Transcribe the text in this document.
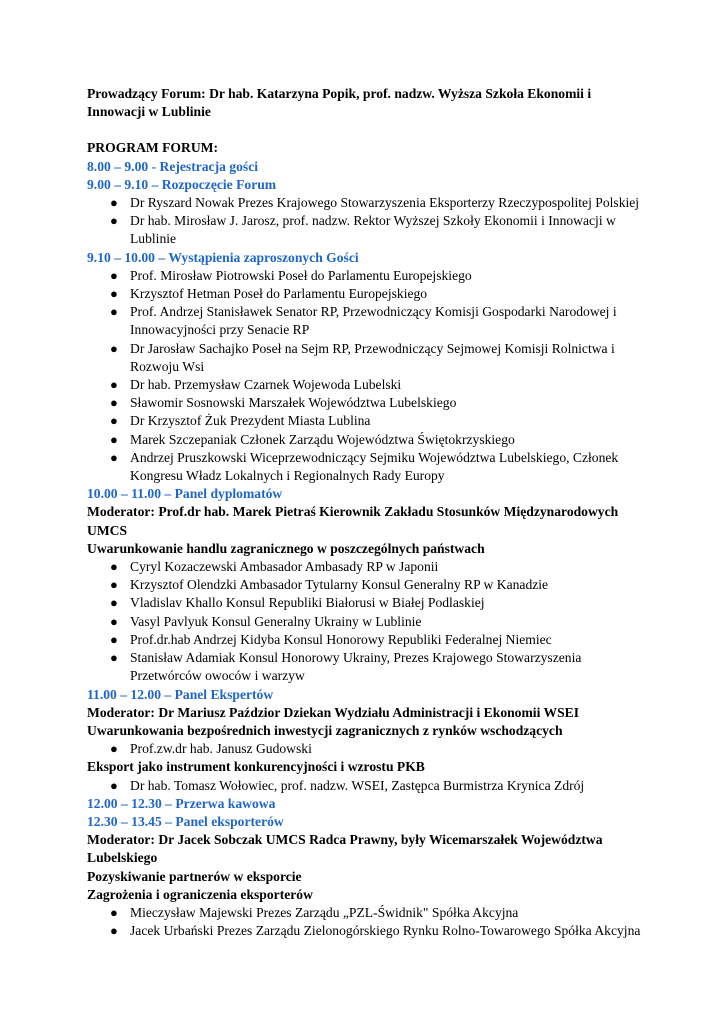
Prowadzący Forum: Dr hab. Katarzyna Popik, prof. nadzw. Wyższa Szkoła Ekonomii i Innowacji w Lublinie

PROGRAM FORUM:

8.00 – 9.00 - Rejestracja gości

9.00 – 9.10 – Rozpoczęcie Forum

● Dr Ryszard Nowak Prezes Krajowego Stowarzyszenia Eksporterzy Rzeczypospolitej Polskiej
● Dr hab. Mirosław J. Jarosz, prof. nadzw. Rektor Wyższej Szkoły Ekonomii i Innowacji w Lublinie

9.10 – 10.00 – Wystąpienia zaproszonych Gości

● Prof. Mirosław Piotrowski Poseł do Parlamentu Europejskiego
● Krzysztof Hetman Poseł do Parlamentu Europejskiego
● Prof. Andrzej Stanisławek Senator RP, Przewodniczący Komisji Gospodarki Narodowej i Innowacyjności przy Senacie RP
● Dr Jarosław Sachajko Poseł na Sejm RP, Przewodniczący Sejmowej Komisji Rolnictwa i Rozwoju Wsi
● Dr hab. Przemysław Czarnek Wojewoda Lubelski
● Sławomir Sosnowski Marszałek Województwa Lubelskiego
● Dr Krzysztof Żuk Prezydent Miasta Lublina
● Marek Szczepaniak Członek Zarządu Województwa Świętokrzyskiego
● Andrzej Pruszkowski Wiceprzewodniczący Sejmiku Województwa Lubelskiego, Członek Kongresu Władz Lokalnych i Regionalnych Rady Europy

10.00 – 11.00 – Panel dyplomatów

Moderator: Prof.dr hab. Marek Pietraś Kierownik Zakładu Stosunków Międzynarodowych UMCS

Uwarunkowanie handlu zagranicznego w poszczególnych państwach

● Cyryl Kozaczewski Ambasador Ambasady RP w Japonii
● Krzysztof Olendzki Ambasador Tytularny Konsul Generalny RP w Kanadzie
● Vladislav Khallo Konsul Republiki Białorusi w Białej Podlaskiej
● Vasyl Pavlyuk Konsul Generalny Ukrainy w Lublinie
● Prof.dr.hab Andrzej Kidyba Konsul Honorowy Republiki Federalnej Niemiec
● Stanisław Adamiak Konsul Honorowy Ukrainy, Prezes Krajowego Stowarzyszenia Przetwórców owoców i warzyw

11.00 – 12.00 – Panel Ekspertów

Moderator: Dr Mariusz Paździor Dziekan Wydziału Administracji i Ekonomii WSEI

Uwarunkowania bezpośrednich inwestycji zagranicznych z rynków wschodzących

● Prof.zw.dr hab. Janusz Gudowski

Eksport jako instrument konkurencyjności i wzrostu PKB

● Dr hab. Tomasz Wołowiec, prof. nadzw. WSEI, Zastępca Burmistrza Krynica Zdrój

12.00 – 12.30 – Przerwa kawowa

12.30 – 13.45 – Panel eksporterów

Moderator: Dr Jacek Sobczak UMCS Radca Prawny, były Wicemarszałek Województwa Lubelskiego

Pozyskiwanie partnerów w eksporcie

Zagrożenia i ograniczenia eksporterów

● Mieczysław Majewski Prezes Zarządu „PZL-Świdnik" Spółka Akcyjna
● Jacek Urbański Prezes Zarządu Zielonogórskiego Rynku Rolno-Towarowego Spółka Akcyjna
